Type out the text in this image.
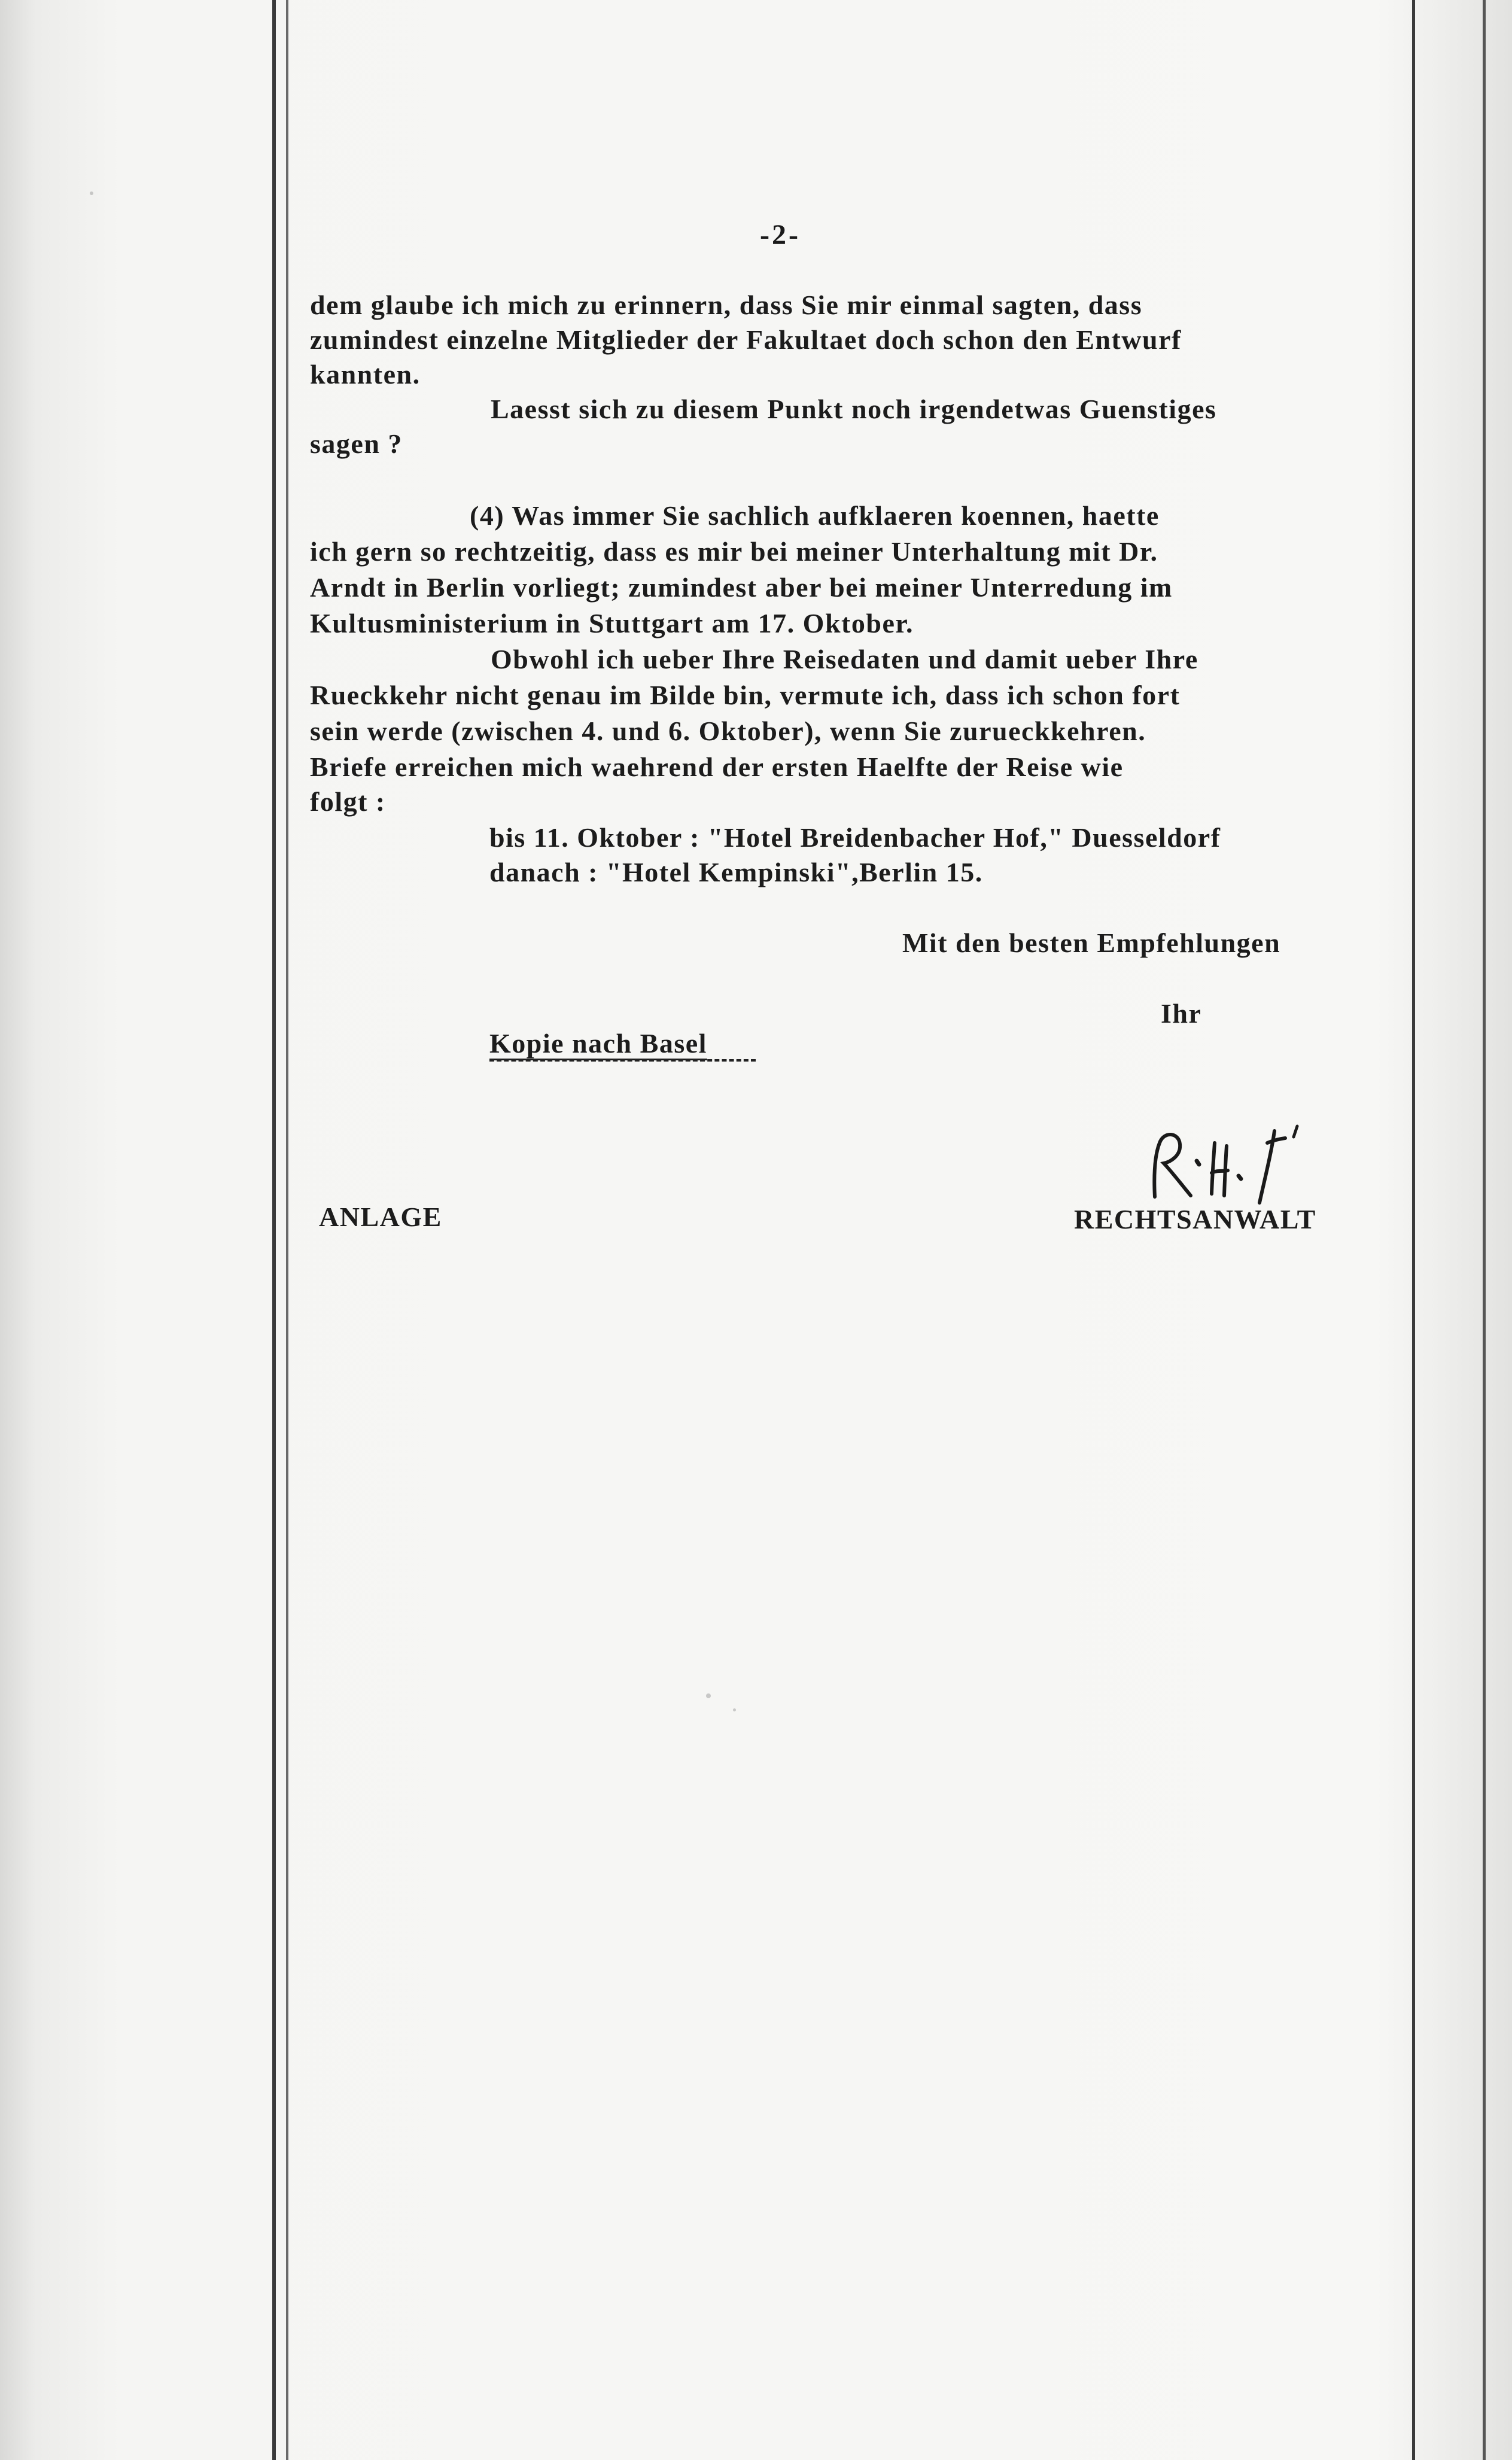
-2-
dem glaube ich mich zu erinnern, dass Sie mir einmal sagten, dass
zumindest einzelne Mitglieder der Fakultaet doch schon den Entwurf
kannten.
Laesst sich zu diesem Punkt noch irgendetwas Guenstiges
sagen ?
(4) Was immer Sie sachlich aufklaeren koennen, haette
ich gern so rechtzeitig, dass es mir bei meiner Unterhaltung mit Dr.
Arndt in Berlin vorliegt; zumindest aber bei meiner Unterredung im
Kultusministerium in Stuttgart am 17. Oktober.
Obwohl ich ueber Ihre Reisedaten und damit ueber Ihre
Rueckkehr nicht genau im Bilde bin, vermute ich, dass ich schon fort
sein werde (zwischen 4. und 6. Oktober), wenn Sie zurueckkehren.
Briefe erreichen mich waehrend der ersten Haelfte der Reise wie
folgt :
bis 11. Oktober : "Hotel Breidenbacher Hof," Duesseldorf
danach : "Hotel Kempinski",Berlin 15.
Mit den besten Empfehlungen
Ihr
Kopie nach Basel
ANLAGE	RECHTSANWALT
